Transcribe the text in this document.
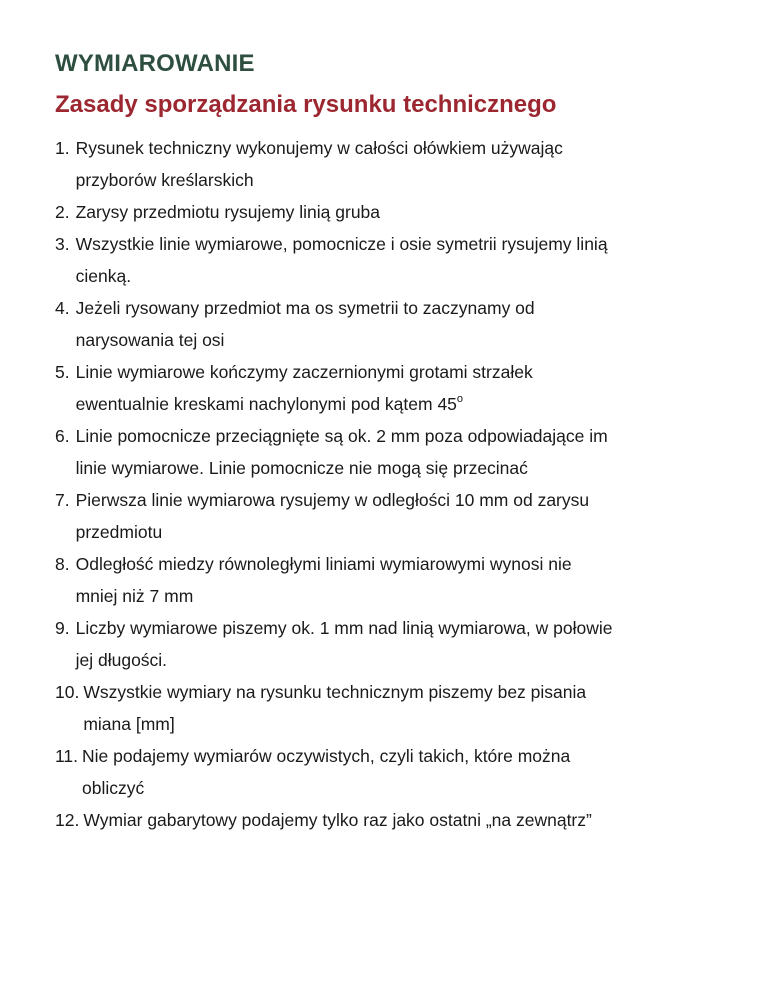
WYMIAROWANIE
Zasady sporządzania rysunku technicznego
1. Rysunek techniczny wykonujemy w całości ołówkiem używając
przyborów kreślarskich
2. Zarysy przedmiotu rysujemy linią gruba
3. Wszystkie linie wymiarowe, pomocnicze i osie symetrii rysujemy linią
cienką.
4. Jeżeli rysowany przedmiot ma os symetrii to zaczynamy od
narysowania tej osi
5. Linie wymiarowe kończymy zaczernionymi grotami strzałek
ewentualnie kreskami nachylonymi pod kątem 45$^o$
6. Linie pomocnicze przeciągnięte są ok. 2 mm poza odpowiadające im
linie wymiarowe. Linie pomocnicze nie mogą się przecinać
7. Pierwsza linie wymiarowa rysujemy w odległości 10 mm od zarysu
przedmiotu
8. Odległość miedzy równoległymi liniami wymiarowymi wynosi nie
mniej niż 7 mm
9. Liczby wymiarowe piszemy ok. 1 mm nad linią wymiarowa, w połowie
jej długości.
10. Wszystkie wymiary na rysunku technicznym piszemy bez pisania
miana [mm]
11. Nie podajemy wymiarów oczywistych, czyli takich, które można
obliczyć
12. Wymiar gabarytowy podajemy tylko raz jako ostatni „na zewnątrz”
